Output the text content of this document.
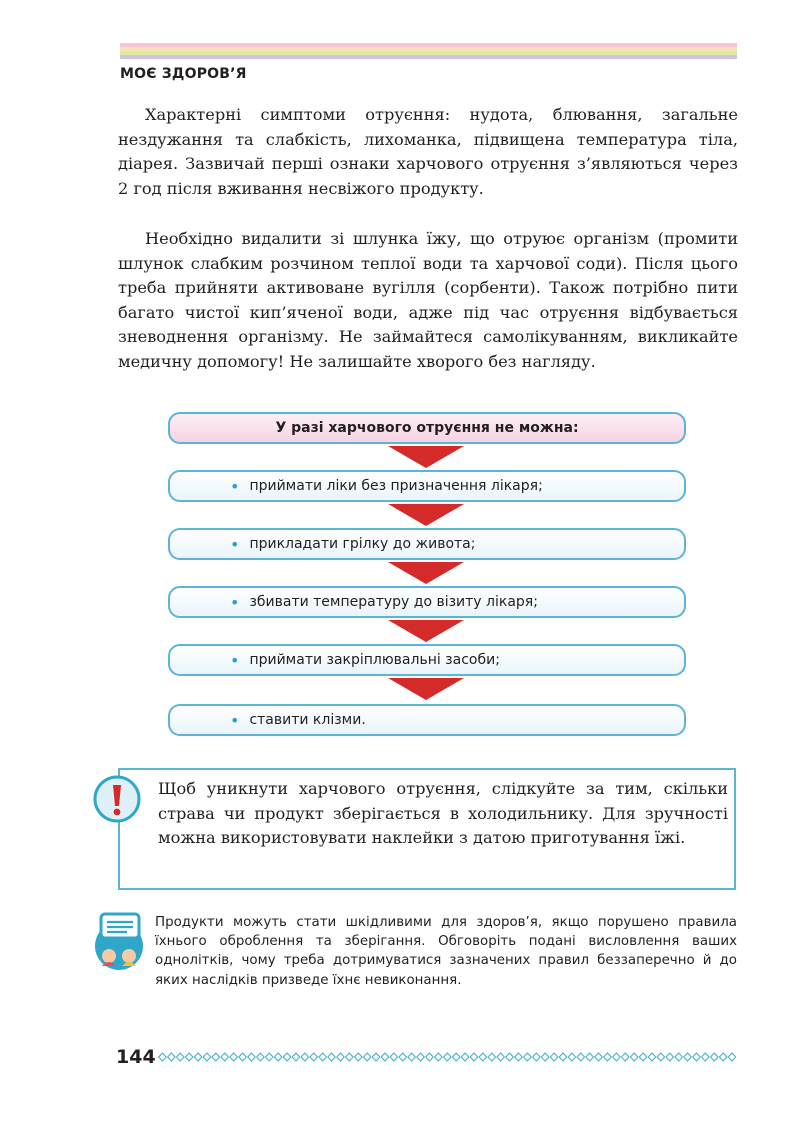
МОЄ ЗДОРОВ’Я

Характерні симптоми отруєння: нудота, блювання, загальне нездужання та слабкість, лихоманка, підвищена температура тіла, діарея. Зазвичай перші ознаки харчового отруєння з’являються через 2 год після вживання несвіжого продукту.

Необхідно видалити зі шлунка їжу, що отруює організм (промити шлунок слабким розчином теплої води та харчової соди). Після цього треба прийняти активоване вугілля (сорбенти). Також потрібно пити багато чистої кип’яченої води, адже під час отруєння відбувається зневоднення організму. Не займайтеся самолікуванням, викликайте медичну допомогу! Не залишайте хворого без нагляду.

У разі харчового отруєння не можна:
• приймати ліки без призначення лікаря;
• прикладати грілку до живота;
• збивати температуру до візиту лікаря;
• приймати закріплювальні засоби;
• ставити клізми.

Щоб уникнути харчового отруєння, слідкуйте за тим, скільки страва чи продукт зберігається в холодильнику. Для зручності можна використовувати наклейки з датою приготування їжі.

Продукти можуть стати шкідливими для здоров’я, якщо порушено правила їхнього оброблення та зберігання. Обговоріть подані висловлення ваших однолітків, чому треба дотримуватися зазначених правил беззаперечно й до яких наслідків призведе їхнє невиконання.

144
